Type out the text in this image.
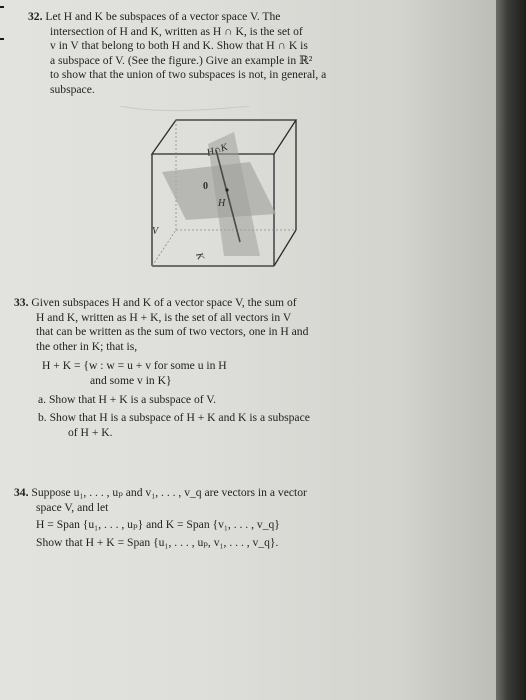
32. Let H and K be subspaces of a vector space V. The
intersection of H and K, written as H ∩ K, is the set of
v in V that belong to both H and K. Show that H ∩ K is
a subspace of V. (See the figure.) Give an example in ℝ²
to show that the union of two subspaces is not, in general, a
subspace.
H∩K
0
H
V
K
33. Given subspaces H and K of a vector space V, the sum of
H and K, written as H + K, is the set of all vectors in V
that can be written as the sum of two vectors, one in H and
the other in K; that is,
H + K = {w : w = u + v for some u in H
and some v in K}
a. Show that H + K is a subspace of V.
b. Show that H is a subspace of H + K and K is a subspace
of H + K.
34. Suppose u₁, . . . , uₚ and v₁, . . . , v_q are vectors in a vector
space V, and let
H = Span {u₁, . . . , uₚ} and K = Span {v₁, . . . , v_q}
Show that H + K = Span {u₁, . . . , uₚ, v₁, . . . , v_q}.
